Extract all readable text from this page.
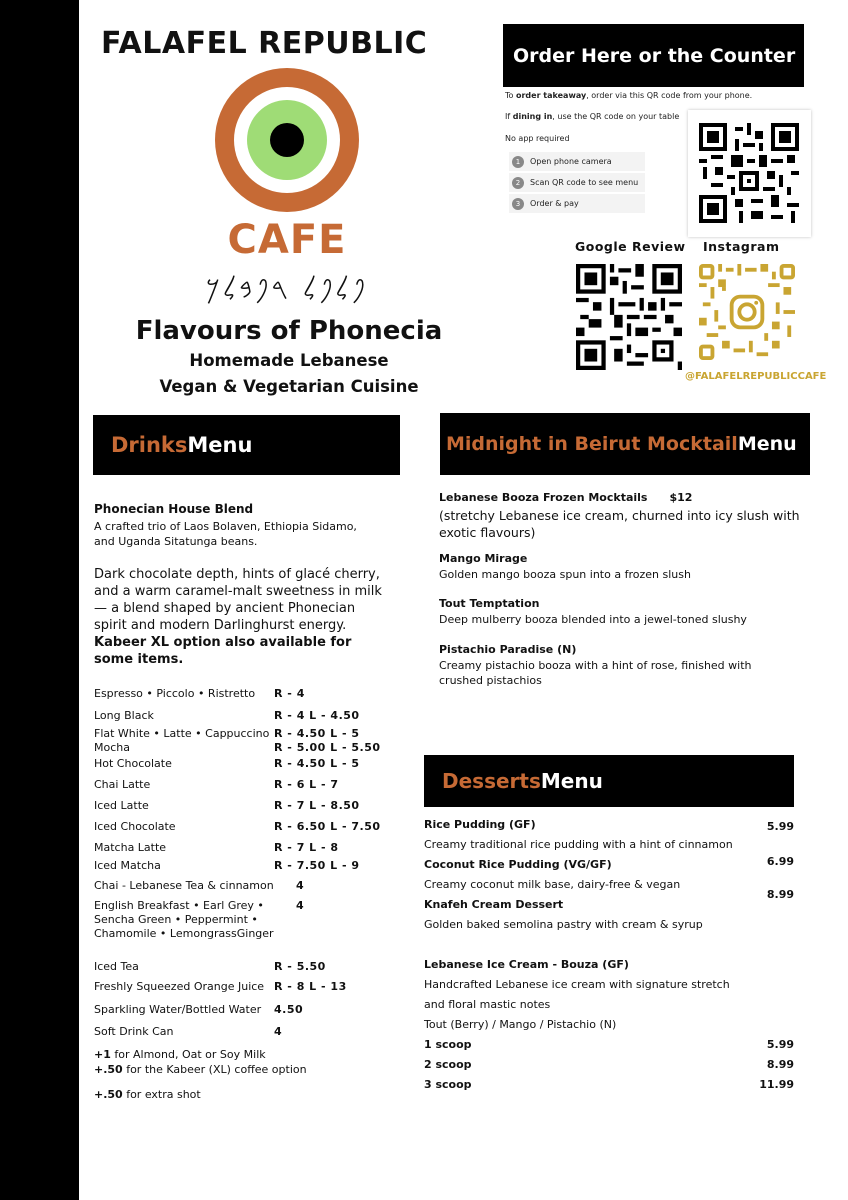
FALAFEL REPUBLIC
CAFE
𐤐𐤋𐤐𐤋 𐤓𐤐𐤁𐤋𐤊
Flavours of Phonecia
Homemade Lebanese
Vegan & Vegetarian Cuisine
Order Here or the Counter
To order takeaway, order via this QR code from your phone.
If dining in, use the QR code on your table
No app required
1	Open phone camera
2	Scan QR code to see menu
3	Order & pay
Google Review Instagram
@FALAFELREPUBLICCAFE
Drinks Menu
Phonecian House Blend
A crafted trio of Laos Bolaven, Ethiopia Sidamo, and Uganda Sitatunga beans.
Dark chocolate depth, hints of glacé cherry, and a warm caramel-malt sweetness in milk — a blend shaped by ancient Phonecian spirit and modern Darlinghurst energy. Kabeer XL option also available for some items.
Espresso • Piccolo • Ristretto	R - 4
Long Black	R - 4 L - 4.50
Flat White • Latte • Cappuccino R - 4.50 L - 5
Mocha	R - 5.00 L - 5.50
Hot Chocolate	R - 4.50 L - 5
Chai Latte	R - 6 L - 7
Iced Latte	R - 7 L - 8.50
Iced Chocolate	R - 6.50 L - 7.50
Matcha Latte	R - 7 L - 8
Iced Matcha	R - 7.50 L - 9
Chai - Lebanese Tea & cinnamon	4
English Breakfast • Earl Grey • Sencha Green • Peppermint • Chamomile • LemongrassGinger
4
Iced Tea	R - 5.50
Freshly Squeezed Orange Juice R - 8 L - 13
Sparkling Water/Bottled Water	4.50
Soft Drink Can	4
+1 for Almond, Oat or Soy Milk
+.50 for the Kabeer (XL) coffee option
+.50 for extra shot
Midnight in Beirut Mocktail Menu
Lebanese Booza Frozen Mocktails $12
(stretchy Lebanese ice cream, churned into icy slush with exotic flavours)
Mango Mirage
Golden mango booza spun into a frozen slush
Tout Temptation
Deep mulberry booza blended into a jewel-toned slushy
Pistachio Paradise (N)
Creamy pistachio booza with a hint of rose, finished with crushed pistachios
Desserts Menu
Rice Pudding (GF)	5.99
Creamy traditional rice pudding with a hint of cinnamon
Coconut Rice Pudding (VG/GF)	6.99
Creamy coconut milk base, dairy-free & vegan
Knafeh Cream Dessert
8.99
Golden baked semolina pastry with cream & syrup
Lebanese Ice Cream - Bouza (GF)
Handcrafted Lebanese ice cream with signature stretch
and floral mastic notes
Tout (Berry) / Mango / Pistachio (N)
1 scoop	5.99
2 scoop	8.99
3 scoop	11.99
